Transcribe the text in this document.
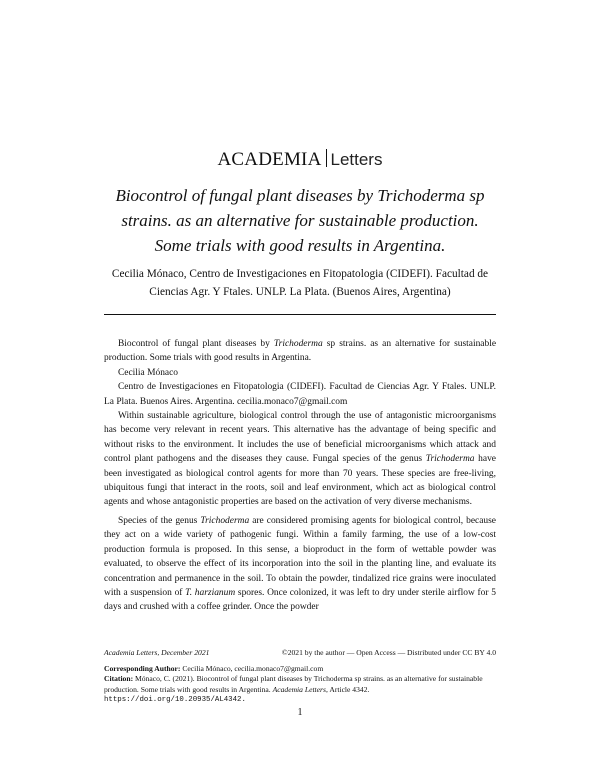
ACADEMIA Letters
Biocontrol of fungal plant diseases by Trichoderma sp
strains. as an alternative for sustainable production.
Some trials with good results in Argentina.

Cecilia Mónaco, Centro de Investigaciones en Fitopatologia (CIDEFI). Facultad de
Ciencias Agr. Y Ftales. UNLP. La Plata. (Buenos Aires, Argentina)

Biocontrol of fungal plant diseases by Trichoderma sp strains. as an alternative for sustainable production. Some trials with good results in Argentina.

Cecilia Mónaco

Centro de Investigaciones en Fitopatologia (CIDEFI). Facultad de Ciencias Agr. Y Ftales. UNLP. La Plata. Buenos Aires. Argentina. cecilia.monaco7@gmail.com

Within sustainable agriculture, biological control through the use of antagonistic microorganisms has become very relevant in recent years. This alternative has the advantage of being specific and without risks to the environment. It includes the use of beneficial microorganisms which attack and control plant pathogens and the diseases they cause. Fungal species of the genus Trichoderma have been investigated as biological control agents for more than 70 years. These species are free-living, ubiquitous fungi that interact in the roots, soil and leaf environment, which act as biological control agents and whose antagonistic properties are based on the activation of very diverse mechanisms.

Species of the genus Trichoderma are considered promising agents for biological control, because they act on a wide variety of pathogenic fungi. Within a family farming, the use of a low-cost production formula is proposed. In this sense, a bioproduct in the form of wettable powder was evaluated, to observe the effect of its incorporation into the soil in the planting line, and evaluate its concentration and permanence in the soil. To obtain the powder, tindalized rice grains were inoculated with a suspension of T. harzianum spores. Once colonized, it was left to dry under sterile airflow for 5 days and crushed with a coffee grinder. Once the powder

Academia Letters, December 2021	©2021 by the author — Open Access — Distributed under CC BY 4.0
Corresponding Author: Cecilia Mónaco, cecilia.monaco7@gmail.com
Citation: Mónaco, C. (2021). Biocontrol of fungal plant diseases by Trichoderma sp strains. as an alternative for sustainable production. Some trials with good results in Argentina. Academia Letters, Article 4342.
https://doi.org/10.20935/AL4342.
1
